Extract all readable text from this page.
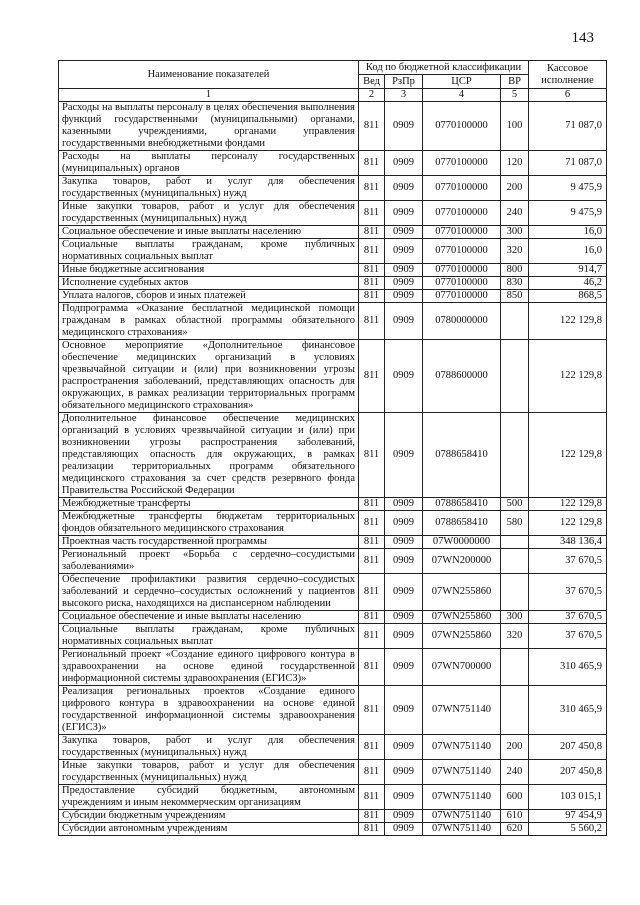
143
Наименование показателей	Код по бюджетной классификации				Кассовое исполнение
	Вед	РзПр	ЦСР	ВР	
1	2	3	4	5	6
Расходы на выплаты персоналу в целях обеспечения выполнения функций государственными (муниципальными) органами, казенными учреждениями, органами управления государственными внебюджетными фондами	811	0909	0770100000	100	71 087,0
Расходы на выплаты персоналу государственных (муниципальных) органов	811	0909	0770100000	120	71 087,0
Закупка товаров, работ и услуг для обеспечения государственных (муниципальных) нужд	811	0909	0770100000	200	9 475,9
Иные закупки товаров, работ и услуг для обеспечения государственных (муниципальных) нужд	811	0909	0770100000	240	9 475,9
Социальное обеспечение и иные выплаты населению	811	0909	0770100000	300	16,0
Социальные выплаты гражданам, кроме публичных нормативных социальных выплат	811	0909	0770100000	320	16,0
Иные бюджетные ассигнования	811	0909	0770100000	800	914,7
Исполнение судебных актов	811	0909	0770100000	830	46,2
Уплата налогов, сборов и иных платежей	811	0909	0770100000	850	868,5
Подпрограмма «Оказание бесплатной медицинской помощи гражданам в рамках областной программы обязательного медицинского страхования»	811	0909	0780000000		122 129,8
Основное мероприятие «Дополнительное финансовое обеспечение медицинских организаций в условиях чрезвычайной ситуации и (или) при возникновении угрозы распространения заболеваний, представляющих опасность для окружающих, в рамках реализации территориальных программ обязательного медицинского страхования»	811	0909	0788600000		122 129,8
Дополнительное финансовое обеспечение медицинских организаций в условиях чрезвычайной ситуации и (или) при возникновении угрозы распространения заболеваний, представляющих опасность для окружающих, в рамках реализации территориальных программ обязательного медицинского страхования за счет средств резервного фонда Правительства Российской Федерации	811	0909	0788658410		122 129,8
Межбюджетные трансферты	811	0909	0788658410	500	122 129,8
Межбюджетные трансферты бюджетам территориальных фондов обязательного медицинского страхования	811	0909	0788658410	580	122 129,8
Проектная часть государственной программы	811	0909	07W0000000		348 136,4
Региональный проект «Борьба с сердечно–сосудистыми заболеваниями»	811	0909	07WN200000		37 670,5
Обеспечение профилактики развития сердечно–сосудистых заболеваний и сердечно–сосудистых осложнений у пациентов высокого риска, находящихся на диспансерном наблюдении	811	0909	07WN255860		37 670,5
Социальное обеспечение и иные выплаты населению	811	0909	07WN255860	300	37 670,5
Социальные выплаты гражданам, кроме публичных нормативных социальных выплат	811	0909	07WN255860	320	37 670,5
Региональный проект «Создание единого цифрового контура в здравоохранении на основе единой государственной информационной системы здравоохранения (ЕГИСЗ)»	811	0909	07WN700000		310 465,9
Реализация региональных проектов «Создание единого цифрового контура в здравоохранении на основе единой государственной информационной системы здравоохранения (ЕГИСЗ)»	811	0909	07WN751140		310 465,9
Закупка товаров, работ и услуг для обеспечения государственных (муниципальных) нужд	811	0909	07WN751140	200	207 450,8
Иные закупки товаров, работ и услуг для обеспечения государственных (муниципальных) нужд	811	0909	07WN751140	240	207 450,8
Предоставление субсидий бюджетным, автономным учреждениям и иным некоммерческим организациям	811	0909	07WN751140	600	103 015,1
Субсидии бюджетным учреждениям	811	0909	07WN751140	610	97 454,9
Субсидии автономным учреждениям	811	0909	07WN751140	620	5 560,2
